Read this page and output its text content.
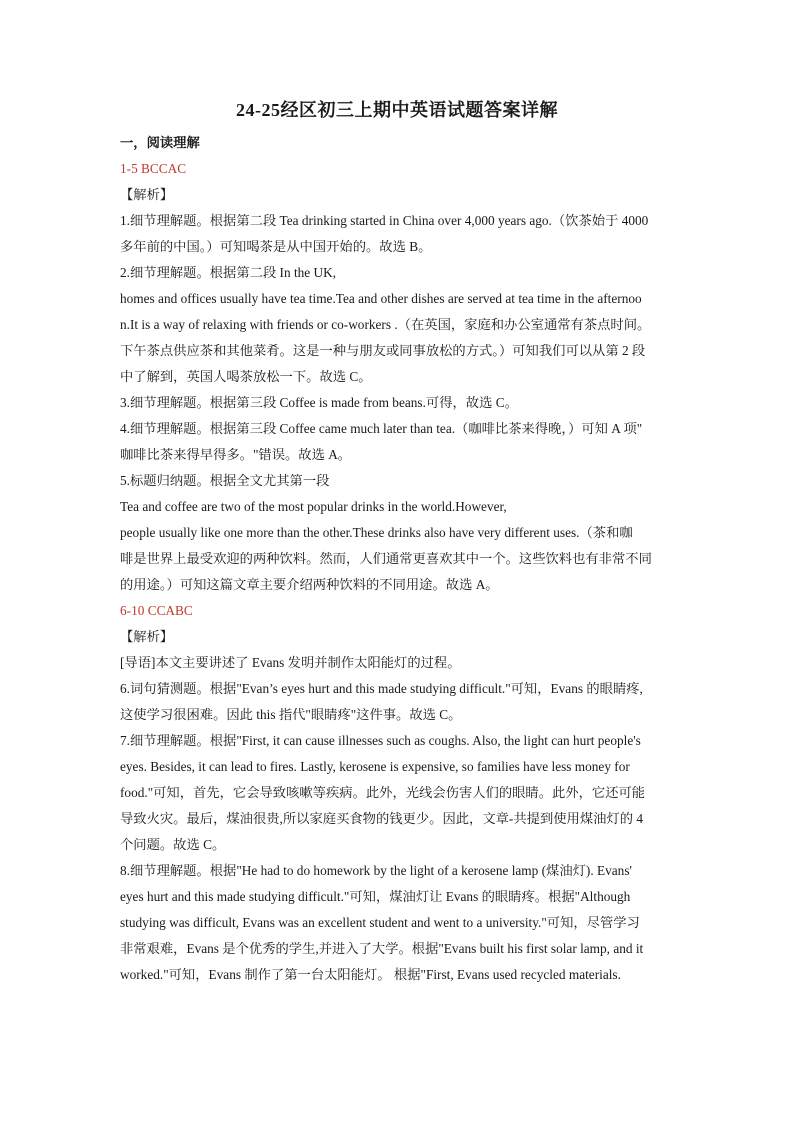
24-25经区初三上期中英语试题答案详解
一，阅读理解
1-5 BCCAC
【解析】
1.细节理解题。根据第二段 Tea drinking started in China over 4,000 years ago.（饮茶始于 4000
多年前的中国。）可知喝茶是从中国开始的。故选 B。
2.细节理解题。根据第二段 In the UK,
homes and offices usually have tea time.Tea and other dishes are served at tea time in the afternoo
n.It is a way of relaxing with friends or co-workers .（在英国，家庭和办公室通常有茶点时间。
下午茶点供应茶和其他菜肴。这是一种与朋友或同事放松的方式。）可知我们可以从第 2 段
中了解到，英国人喝茶放松一下。故选 C。
3.细节理解题。根据第三段 Coffee is made from beans.可得，故选 C。
4.细节理解题。根据第三段 Coffee came much later than tea.（咖啡比茶来得晚，）可知 A 项"
咖啡比茶来得早得多。"错误。故选 A。
5.标题归纳题。根据全文尤其第一段
Tea and coffee are two of the most popular drinks in the world.However,
people usually like one more than the other.These drinks also have very different uses.（茶和咖
啡是世界上最受欢迎的两种饮料。然而，人们通常更喜欢其中一个。这些饮料也有非常不同
的用途。）可知这篇文章主要介绍两种饮料的不同用途。故选 A。
6-10 CCABC
【解析】
[导语]本文主要讲述了 Evans 发明并制作太阳能灯的过程。
6.词句猜测题。根据"Evan’s eyes hurt and this made studying difficult."可知，Evans 的眼睛疼,
这使学习很困难。因此 this 指代"眼睛疼"这件事。故选 C。
7.细节理解题。根据"First, it can cause illnesses such as coughs. Also, the light can hurt people's
eyes. Besides, it can lead to fires. Lastly, kerosene is expensive, so families have less money for
food."可知，首先，它会导致咳嗽等疾病。此外，光线会伤害人们的眼睛。此外，它还可能
导致火灾。最后，煤油很贵,所以家庭买食物的钱更少。因此，文章-共提到使用煤油灯的 4
个问题。故选 C。
8.细节理解题。根据"He had to do homework by the light of a kerosene lamp (煤油灯). Evans'
eyes hurt and this made studying difficult."可知，煤油灯让 Evans 的眼睛疼。根据"Although
studying was difficult, Evans was an excellent student and went to a university."可知，尽管学习
非常艰难，Evans 是个优秀的学生,并进入了大学。根据"Evans built his first solar lamp, and it
worked."可知，Evans 制作了第一台太阳能灯。 根据"First, Evans used recycled materials.
